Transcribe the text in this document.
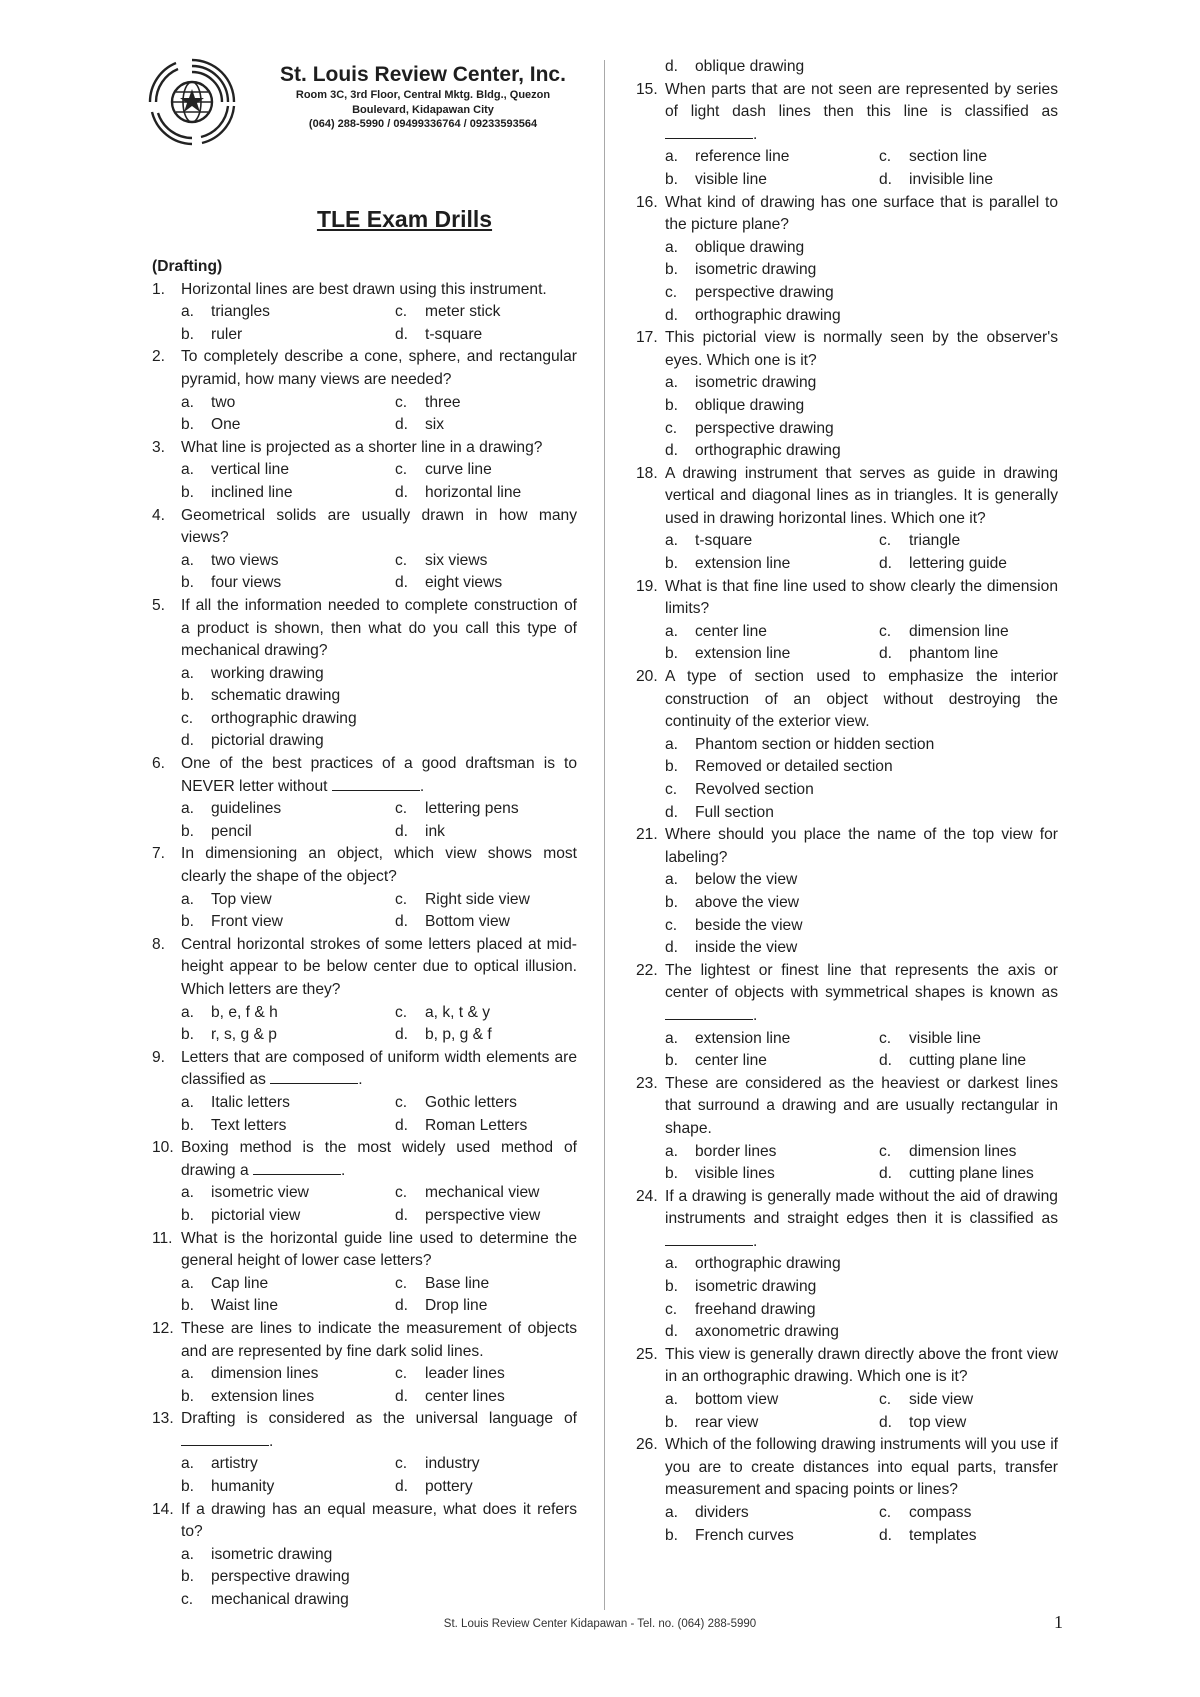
St. Louis Review Center, Inc.
Room 3C, 3rd Floor, Central Mktg. Bldg., Quezon
Boulevard, Kidapawan City
(064) 288-5990 / 09499336764 / 09233593564
TLE Exam Drills
(Drafting)
1.	Horizontal lines are best drawn using this instrument.
a.	triangles	c.	meter stick
b.	ruler	d.	t-square
2.	To completely describe a cone, sphere, and rectangular pyramid, how many views are needed?
a.	two	c.	three
b.	One	d.	six
3.	What line is projected as a shorter line in a drawing?
a.	vertical line	c.	curve line
b.	inclined line	d.	horizontal line
4.	Geometrical solids are usually drawn in how many views?
a.	two views	c.	six views
b.	four views	d.	eight views
5.	If all the information needed to complete construction of a product is shown, then what do you call this type of mechanical drawing?
a.	working drawing
b.	schematic drawing
c.	orthographic drawing
d.	pictorial drawing
6.	One of the best practices of a good draftsman is to NEVER letter without	.
a.	guidelines	c.	lettering pens
b.	pencil	d.	ink
7.	In dimensioning an object, which view shows most clearly the shape of the object?
a.	Top view	c.	Right side view
b.	Front view	d.	Bottom view
8.	Central horizontal strokes of some letters placed at mid-height appear to be below center due to optical illusion. Which letters are they?
a.	b, e, f & h	c.	a, k, t & y
b.	r, s, g & p	d.	b, p, g & f
9.	Letters that are composed of uniform width elements are classified as	.
a.	Italic letters	c.	Gothic letters
b.	Text letters	d.	Roman Letters
10. Boxing method is the most widely used method of drawing a	.
a.	isometric view	c.	mechanical view
b.	pictorial view	d.	perspective view
11. What is the horizontal guide line used to determine the general height of lower case letters?
a.	Cap line	c.	Base line
b.	Waist line	d.	Drop line
12. These are lines to indicate the measurement of objects and are represented by fine dark solid lines.
a.	dimension lines	c.	leader lines
b.	extension lines	d.	center lines
13. Drafting is considered as the universal language of .
a.	artistry	c.	industry
b.	humanity	d.	pottery
14. If a drawing has an equal measure, what does it refers to?
a.	isometric drawing
b.	perspective drawing
c.	mechanical drawing
d.	oblique drawing
15. When parts that are not seen are represented by series of light dash lines then this line is classified as .
a.	reference line	c.	section line
b.	visible line	d.	invisible line
16. What kind of drawing has one surface that is parallel to the picture plane?
a.	oblique drawing
b.	isometric drawing
c.	perspective drawing
d.	orthographic drawing
17. This pictorial view is normally seen by the observer's eyes. Which one is it?
a.	isometric drawing
b.	oblique drawing
c.	perspective drawing
d.	orthographic drawing
18. A drawing instrument that serves as guide in drawing vertical and diagonal lines as in triangles. It is generally used in drawing horizontal lines. Which one it?
a.	t-square	c.	triangle
b.	extension line	d.	lettering guide
19. What is that fine line used to show clearly the dimension limits?
a.	center line	c.	dimension line
b.	extension line	d.	phantom line
20. A type of section used to emphasize the interior construction of an object without destroying the continuity of the exterior view.
a.	Phantom section or hidden section
b.	Removed or detailed section
c.	Revolved section
d.	Full section
21. Where should you place the name of the top view for labeling?
a.	below the view
b.	above the view
c.	beside the view
d.	inside the view
22. The lightest or finest line that represents the axis or center of objects with symmetrical shapes is known as .
a.	extension line	c.	visible line
b.	center line	d.	cutting plane line
23. These are considered as the heaviest or darkest lines that surround a drawing and are usually rectangular in shape.
a.	border lines	c.	dimension lines
b.	visible lines	d.	cutting plane lines
24. If a drawing is generally made without the aid of drawing instruments and straight edges then it is classified as .
a.	orthographic drawing
b.	isometric drawing
c.	freehand drawing
d.	axonometric drawing
25. This view is generally drawn directly above the front view in an orthographic drawing. Which one is it?
a.	bottom view	c.	side view
b.	rear view	d.	top view
26. Which of the following drawing instruments will you use if you are to create distances into equal parts, transfer measurement and spacing points or lines?
a.	dividers	c.	compass
b.	French curves	d.	templates
St. Louis Review Center Kidapawan - Tel. no. (064) 288-5990	1
